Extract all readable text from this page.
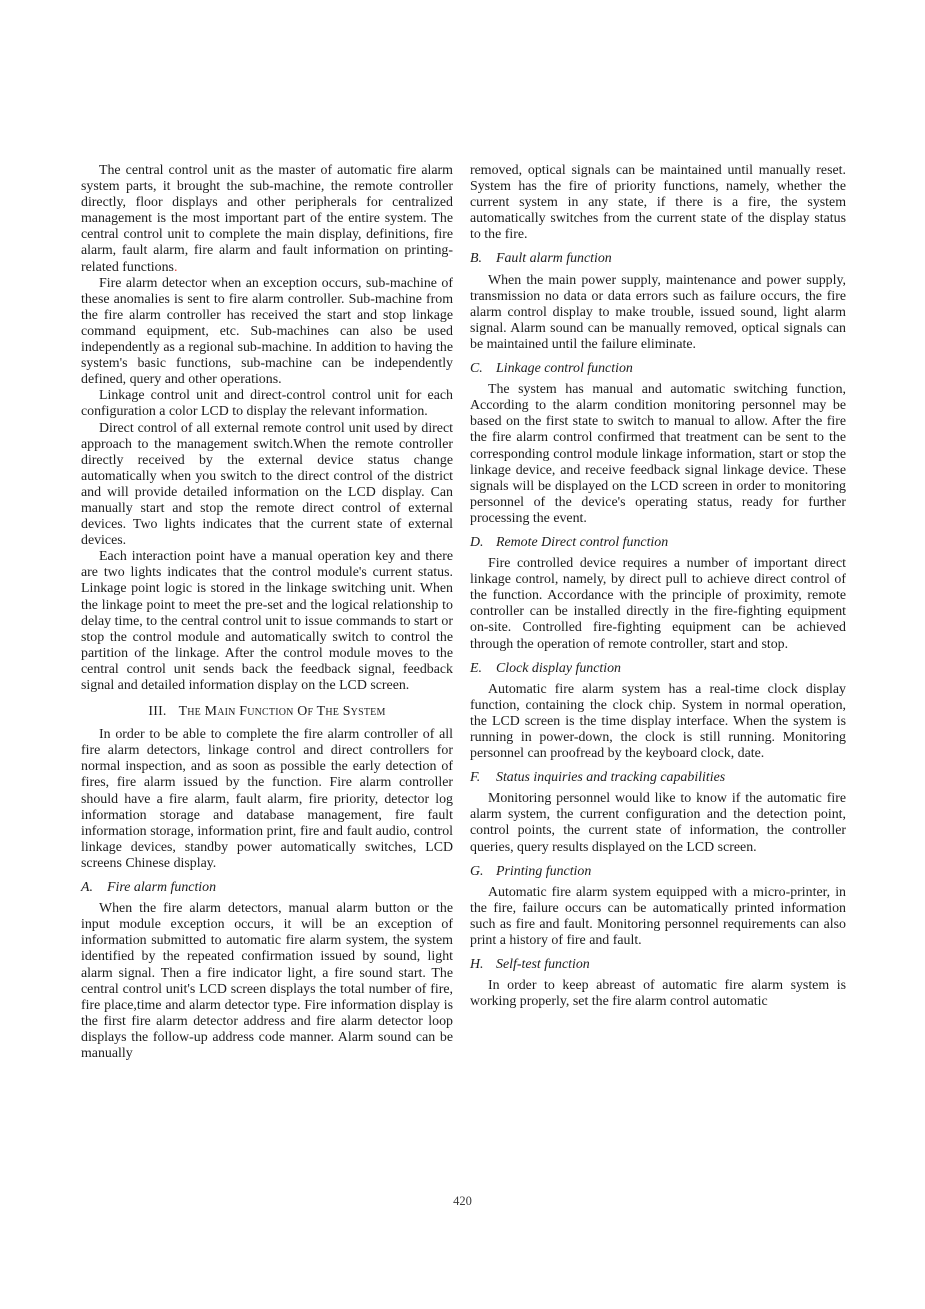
The central control unit as the master of automatic fire alarm system parts, it brought the sub-machine, the remote controller directly, floor displays and other peripherals for centralized management is the most important part of the entire system. The central control unit to complete the main display, definitions, fire alarm, fault alarm, fire alarm and fault information on printing-related functions.

Fire alarm detector when an exception occurs, sub-machine of these anomalies is sent to fire alarm controller. Sub-machine from the fire alarm controller has received the start and stop linkage command equipment, etc. Sub-machines can also be used independently as a regional sub-machine. In addition to having the system's basic functions, sub-machine can be independently defined, query and other operations.

Linkage control unit and direct-control control unit for each configuration a color LCD to display the relevant information.

Direct control of all external remote control unit used by direct approach to the management switch.When the remote controller directly received by the external device status change automatically when you switch to the direct control of the district and will provide detailed information on the LCD display. Can manually start and stop the remote direct control of external devices. Two lights indicates that the current state of external devices.

Each interaction point have a manual operation key and there are two lights indicates that the control module's current status. Linkage point logic is stored in the linkage switching unit. When the linkage point to meet the pre-set and the logical relationship to delay time, to the central control unit to issue commands to start or stop the control module and automatically switch to control the partition of the linkage. After the control module moves to the central control unit sends back the feedback signal, feedback signal and detailed information display on the LCD screen.

III. The Main Function Of The System

In order to be able to complete the fire alarm controller of all fire alarm detectors, linkage control and direct controllers for normal inspection, and as soon as possible the early detection of fires, fire alarm issued by the function. Fire alarm controller should have a fire alarm, fault alarm, fire priority, detector log information storage and database management, fire fault information storage, information print, fire and fault audio, control linkage devices, standby power automatically switches, LCD screens Chinese display.

A. Fire alarm function

When the fire alarm detectors, manual alarm button or the input module exception occurs, it will be an exception of information submitted to automatic fire alarm system, the system identified by the repeated confirmation issued by sound, light alarm signal. Then a fire indicator light, a fire sound start. The central control unit's LCD screen displays the total number of fire, fire place,time and alarm detector type. Fire information display is the first fire alarm detector address and fire alarm detector loop displays the follow-up address code manner. Alarm sound can be manually

removed, optical signals can be maintained until manually reset. System has the fire of priority functions, namely, whether the current system in any state, if there is a fire, the system automatically switches from the current state of the display status to the fire.

B. Fault alarm function

When the main power supply, maintenance and power supply, transmission no data or data errors such as failure occurs, the fire alarm control display to make trouble, issued sound, light alarm signal. Alarm sound can be manually removed, optical signals can be maintained until the failure eliminate.

C. Linkage control function

The system has manual and automatic switching function, According to the alarm condition monitoring personnel may be based on the first state to switch to manual to allow. After the fire the fire alarm control confirmed that treatment can be sent to the corresponding control module linkage information, start or stop the linkage device, and receive feedback signal linkage device. These signals will be displayed on the LCD screen in order to monitoring personnel of the device's operating status, ready for further processing the event.

D. Remote Direct control function

Fire controlled device requires a number of important direct linkage control, namely, by direct pull to achieve direct control of the function. Accordance with the principle of proximity, remote controller can be installed directly in the fire-fighting equipment on-site. Controlled fire-fighting equipment can be achieved through the operation of remote controller, start and stop.

E. Clock display function

Automatic fire alarm system has a real-time clock display function, containing the clock chip. System in normal operation, the LCD screen is the time display interface. When the system is running in power-down, the clock is still running. Monitoring personnel can proofread by the keyboard clock, date.

F. Status inquiries and tracking capabilities

Monitoring personnel would like to know if the automatic fire alarm system, the current configuration and the detection point, control points, the current state of information, the controller queries, query results displayed on the LCD screen.

G. Printing function

Automatic fire alarm system equipped with a micro-printer, in the fire, failure occurs can be automatically printed information such as fire and fault. Monitoring personnel requirements can also print a history of fire and fault.

H. Self-test function

In order to keep abreast of automatic fire alarm system is working properly, set the fire alarm control automatic

420
